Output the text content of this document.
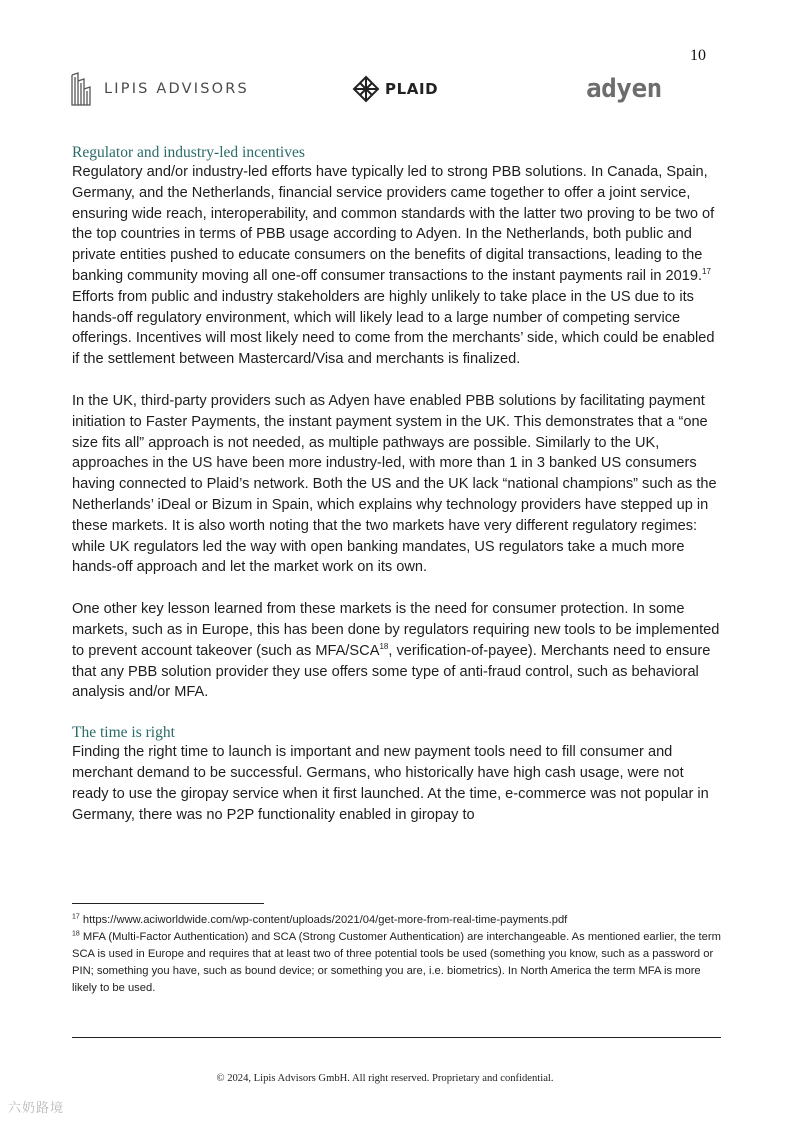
10
LIPIS ADVISORS	PLAID	adyen
Regulator and industry-led incentives

Regulatory and/or industry-led efforts have typically led to strong PBB solutions. In Canada, Spain, Germany, and the Netherlands, financial service providers came together to offer a joint service, ensuring wide reach, interoperability, and common standards with the latter two proving to be two of the top countries in terms of PBB usage according to Adyen. In the Netherlands, both public and private entities pushed to educate consumers on the benefits of digital transactions, leading to the banking community moving all one-off consumer transactions to the instant payments rail in 2019.17 Efforts from public and industry stakeholders are highly unlikely to take place in the US due to its hands-off regulatory environment, which will likely lead to a large number of competing service offerings. Incentives will most likely need to come from the merchants’ side, which could be enabled if the settlement between Mastercard/Visa and merchants is finalized.

In the UK, third-party providers such as Adyen have enabled PBB solutions by facilitating payment initiation to Faster Payments, the instant payment system in the UK. This demonstrates that a “one size fits all” approach is not needed, as multiple pathways are possible. Similarly to the UK, approaches in the US have been more industry-led, with more than 1 in 3 banked US consumers having connected to Plaid’s network. Both the US and the UK lack “national champions” such as the Netherlands’ iDeal or Bizum in Spain, which explains why technology providers have stepped up in these markets. It is also worth noting that the two markets have very different regulatory regimes: while UK regulators led the way with open banking mandates, US regulators take a much more hands-off approach and let the market work on its own.

One other key lesson learned from these markets is the need for consumer protection. In some markets, such as in Europe, this has been done by regulators requiring new tools to be implemented to prevent account takeover (such as MFA/SCA$^{18}$, verification-of-payee). Merchants need to ensure that any PBB solution provider they use offers some type of anti-fraud control, such as behavioral analysis and/or MFA.

The time is right

Finding the right time to launch is important and new payment tools need to fill consumer and merchant demand to be successful. Germans, who historically have high cash usage, were not ready to use the giropay service when it first launched. At the time, e-commerce was not popular in Germany, there was no P2P functionality enabled in giropay to

$^{17}$ https://www.aciworldwide.com/wp-content/uploads/2021/04/get-more-from-real-time-payments.pdf

$^{18}$ MFA (Multi-Factor Authentication) and SCA (Strong Customer Authentication) are interchangeable. As mentioned earlier, the term SCA is used in Europe and requires that at least two of three potential tools be used (something you know, such as a password or PIN; something you have, such as bound device; or something you are, i.e. biometrics). In North America the term MFA is more likely to be used.

© 2024, Lipis Advisors GmbH. All right reserved. Proprietary and confidential.
六奶路境
